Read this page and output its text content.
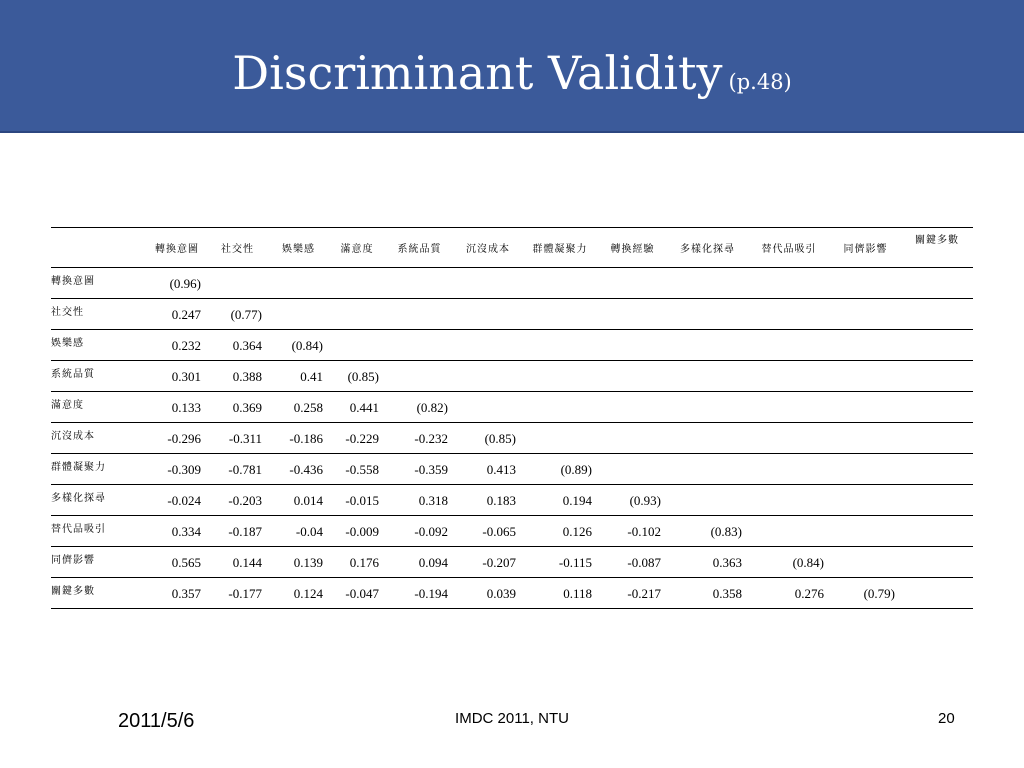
Discriminant Validity (p.48)
	轉換意圖	社交性	娛樂感	滿意度	系統品質	沉沒成本	群體凝聚力	轉換經驗	多樣化探尋	替代品吸引	同儕影響	關鍵多數
轉換意圖	(0.96)											
社交性	0.247	(0.77)										
娛樂感	0.232	0.364	(0.84)									
系統品質	0.301	0.388	0.41	(0.85)								
滿意度	0.133	0.369	0.258	0.441	(0.82)							
沉沒成本	-0.296	-0.311	-0.186	-0.229	-0.232	(0.85)						
群體凝聚力	-0.309	-0.781	-0.436	-0.558	-0.359	0.413	(0.89)					
多樣化探尋	-0.024	-0.203	0.014	-0.015	0.318	0.183	0.194	(0.93)				
替代品吸引	0.334	-0.187	-0.04	-0.009	-0.092	-0.065	0.126	-0.102	(0.83)			
同儕影響	0.565	0.144	0.139	0.176	0.094	-0.207	-0.115	-0.087	0.363	(0.84)		
關鍵多數	0.357	-0.177	0.124	-0.047	-0.194	0.039	0.118	-0.217	0.358	0.276	(0.79)	
2011/5/6	IMDC 2011, NTU	20
